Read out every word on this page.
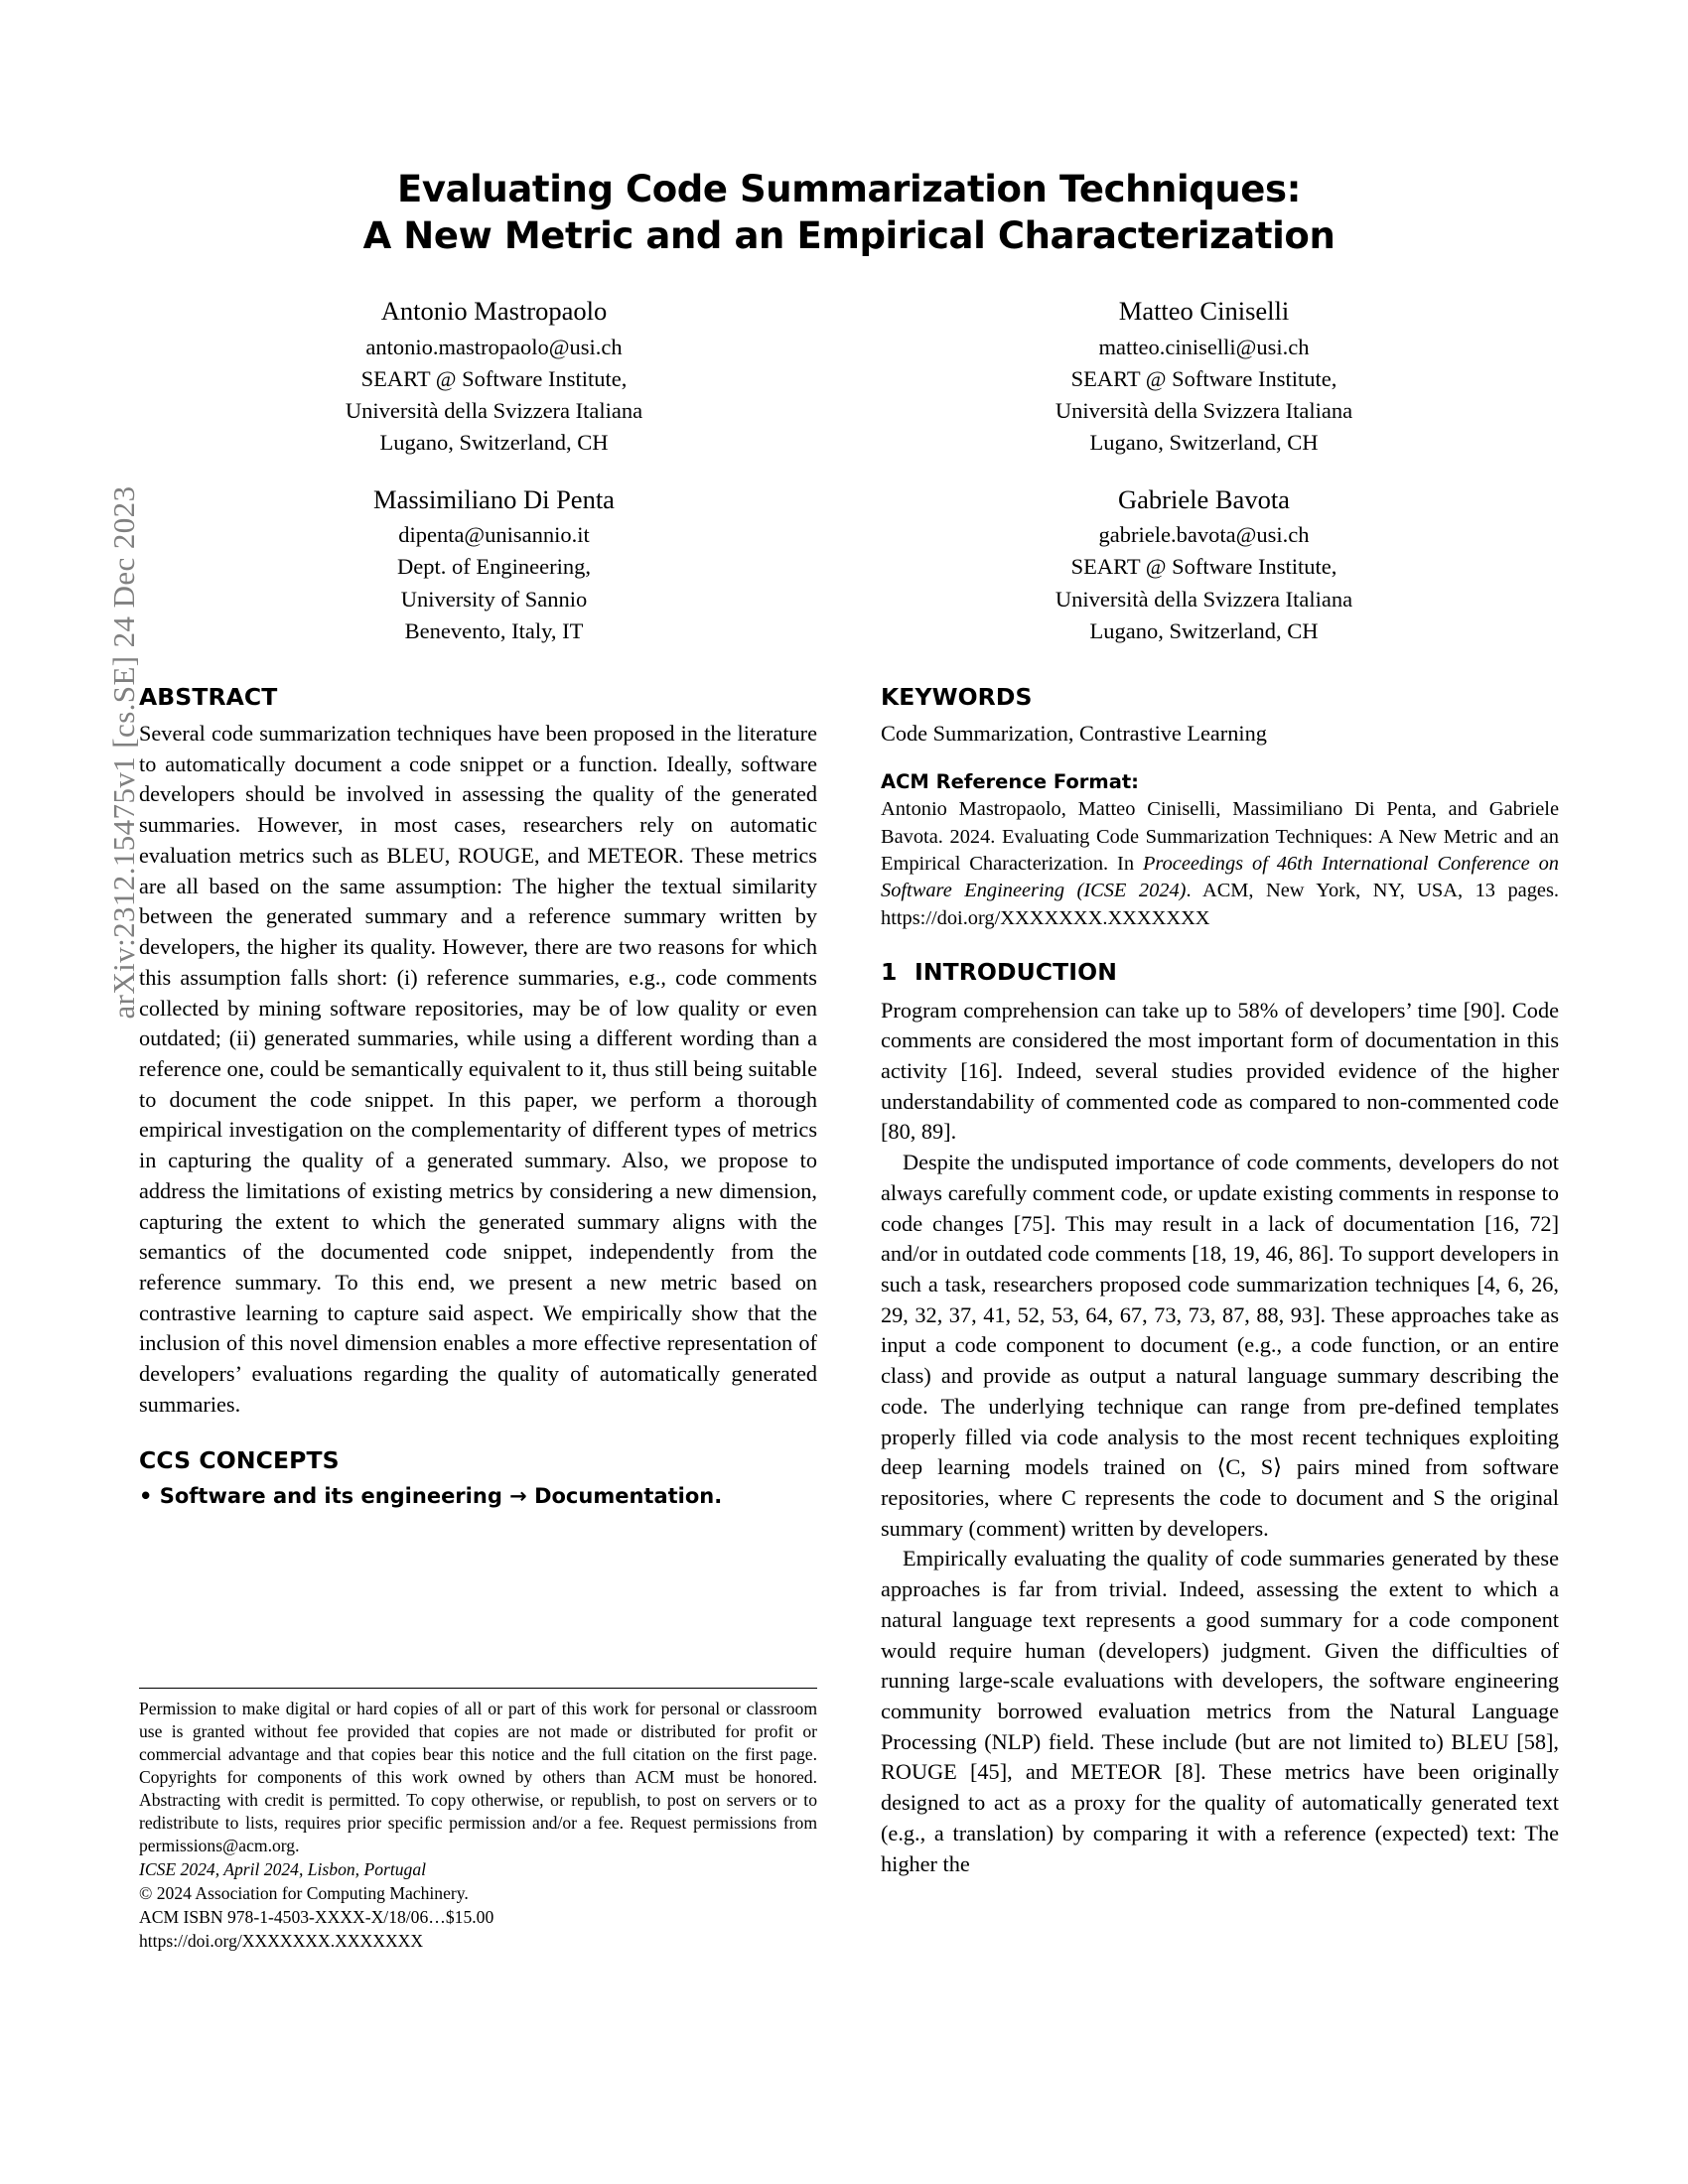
arXiv:2312.15475v1 [cs.SE] 24 Dec 2023
Evaluating Code Summarization Techniques:
A New Metric and an Empirical Characterization
Antonio Mastropaolo
antonio.mastropaolo@usi.ch
SEART @ Software Institute,
Università della Svizzera Italiana
Lugano, Switzerland, CH
Matteo Ciniselli
matteo.ciniselli@usi.ch
SEART @ Software Institute,
Università della Svizzera Italiana
Lugano, Switzerland, CH
Massimiliano Di Penta
dipenta@unisannio.it
Dept. of Engineering,
University of Sannio
Benevento, Italy, IT
Gabriele Bavota
gabriele.bavota@usi.ch
SEART @ Software Institute,
Università della Svizzera Italiana
Lugano, Switzerland, CH
ABSTRACT

Several code summarization techniques have been proposed in the literature to automatically document a code snippet or a function. Ideally, software developers should be involved in assessing the quality of the generated summaries. However, in most cases, researchers rely on automatic evaluation metrics such as BLEU, ROUGE, and METEOR. These metrics are all based on the same assumption: The higher the textual similarity between the generated summary and a reference summary written by developers, the higher its quality. However, there are two reasons for which this assumption falls short: (i) reference summaries, e.g., code comments collected by mining software repositories, may be of low quality or even outdated; (ii) generated summaries, while using a different wording than a reference one, could be semantically equivalent to it, thus still being suitable to document the code snippet. In this paper, we perform a thorough empirical investigation on the complementarity of different types of metrics in capturing the quality of a generated summary. Also, we propose to address the limitations of existing metrics by considering a new dimension, capturing the extent to which the generated summary aligns with the semantics of the documented code snippet, independently from the reference summary. To this end, we present a new metric based on contrastive learning to capture said aspect. We empirically show that the inclusion of this novel dimension enables a more effective representation of developers’ evaluations regarding the quality of automatically generated summaries.

CCS CONCEPTS

• Software and its engineering → Documentation.

Permission to make digital or hard copies of all or part of this work for personal or classroom use is granted without fee provided that copies are not made or distributed for profit or commercial advantage and that copies bear this notice and the full citation on the first page. Copyrights for components of this work owned by others than ACM must be honored. Abstracting with credit is permitted. To copy otherwise, or republish, to post on servers or to redistribute to lists, requires prior specific permission and/or a fee. Request permissions from permissions@acm.org.

ICSE 2024, April 2024, Lisbon, Portugal

© 2024 Association for Computing Machinery.

ACM ISBN 978-1-4503-XXXX-X/18/06…$15.00

https://doi.org/XXXXXXX.XXXXXXX

KEYWORDS

Code Summarization, Contrastive Learning

ACM Reference Format:

Antonio Mastropaolo, Matteo Ciniselli, Massimiliano Di Penta, and Gabriele Bavota. 2024. Evaluating Code Summarization Techniques: A New Metric and an Empirical Characterization. In Proceedings of 46th International Conference on Software Engineering (ICSE 2024). ACM, New York, NY, USA, 13 pages. https://doi.org/XXXXXXX.XXXXXXX

1 INTRODUCTION

Program comprehension can take up to 58% of developers’ time [90]. Code comments are considered the most important form of documentation in this activity [16]. Indeed, several studies provided evidence of the higher understandability of commented code as compared to non-commented code [80, 89].

Despite the undisputed importance of code comments, developers do not always carefully comment code, or update existing comments in response to code changes [75]. This may result in a lack of documentation [16, 72] and/or in outdated code comments [18, 19, 46, 86]. To support developers in such a task, researchers proposed code summarization techniques [4, 6, 26, 29, 32, 37, 41, 52, 53, 64, 67, 73, 73, 87, 88, 93]. These approaches take as input a code component to document (e.g., a code function, or an entire class) and provide as output a natural language summary describing the code. The underlying technique can range from pre-defined templates properly filled via code analysis to the most recent techniques exploiting deep learning models trained on ⟨C, S⟩ pairs mined from software repositories, where C represents the code to document and S the original summary (comment) written by developers.

Empirically evaluating the quality of code summaries generated by these approaches is far from trivial. Indeed, assessing the extent to which a natural language text represents a good summary for a code component would require human (developers) judgment. Given the difficulties of running large-scale evaluations with developers, the software engineering community borrowed evaluation metrics from the Natural Language Processing (NLP) field. These include (but are not limited to) BLEU [58], ROUGE [45], and METEOR [8]. These metrics have been originally designed to act as a proxy for the quality of automatically generated text (e.g., a translation) by comparing it with a reference (expected) text: The higher the
